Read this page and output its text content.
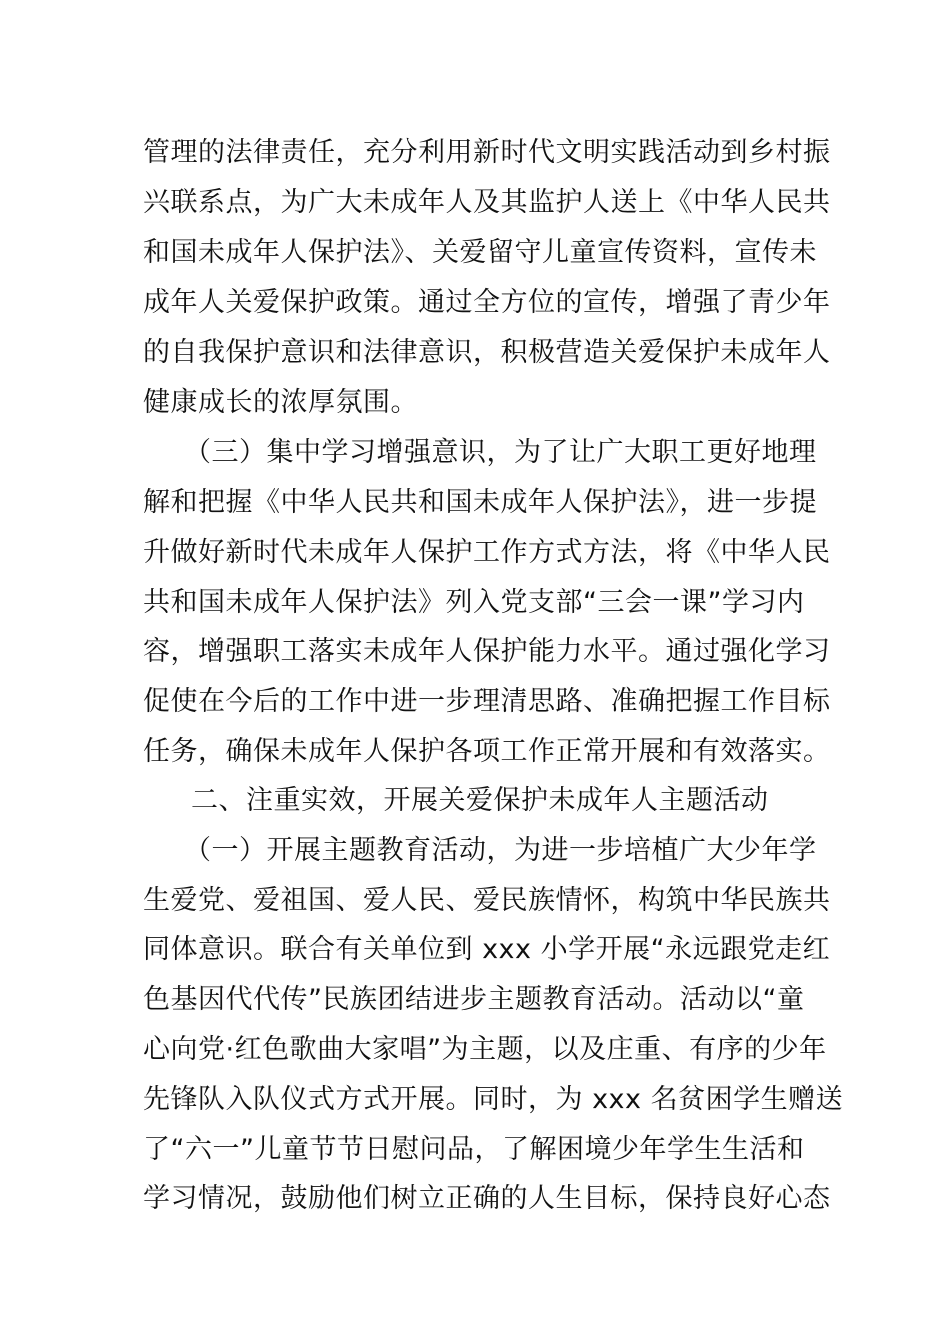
管理的法律责任，充分利用新时代文明实践活动到乡村振
兴联系点，为广大未成年人及其监护人送上《中华人民共
和国未成年人保护法》、关爱留守儿童宣传资料，宣传未
成年人关爱保护政策。通过全方位的宣传，增强了青少年
的自我保护意识和法律意识，积极营造关爱保护未成年人
健康成长的浓厚氛围。
（三）集中学习增强意识，为了让广大职工更好地理
解和把握《中华人民共和国未成年人保护法》，进一步提
升做好新时代未成年人保护工作方式方法，将《中华人民
共和国未成年人保护法》列入党支部“三会一课”学习内
容，增强职工落实未成年人保护能力水平。通过强化学习
促使在今后的工作中进一步理清思路、准确把握工作目标
任务，确保未成年人保护各项工作正常开展和有效落实。
二、注重实效，开展关爱保护未成年人主题活动
（一）开展主题教育活动，为进一步培植广大少年学
生爱党、爱祖国、爱人民、爱民族情怀，构筑中华民族共
同体意识。联合有关单位到 xxx 小学开展“永远跟党走红
色基因代代传”民族团结进步主题教育活动。活动以“童
心向党·红色歌曲大家唱”为主题，以及庄重、有序的少年
先锋队入队仪式方式开展。同时，为 xxx 名贫困学生赠送
了“六一”儿童节节日慰问品，了解困境少年学生生活和
学习情况，鼓励他们树立正确的人生目标，保持良好心态
